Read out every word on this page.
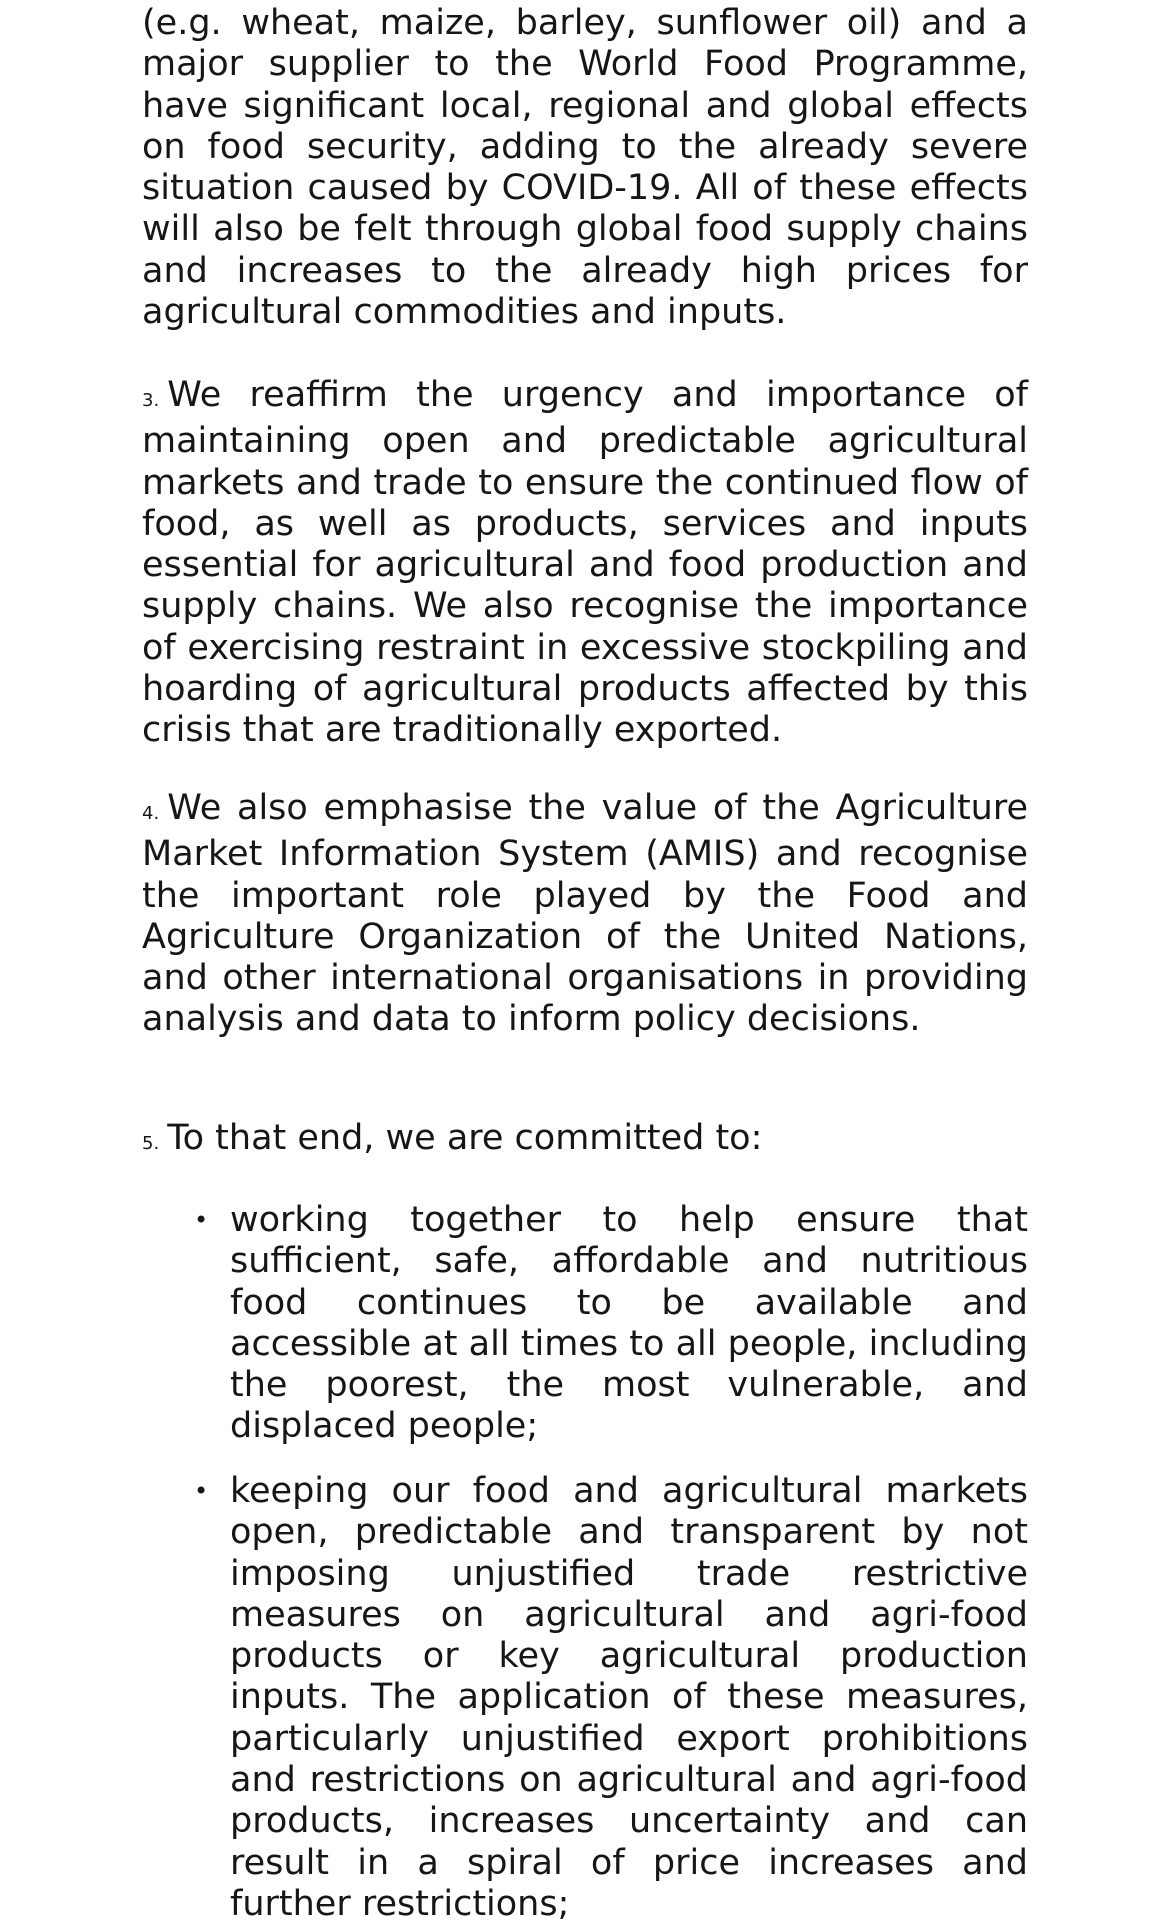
(e.g. wheat, maize, barley, sunflower oil) and a major supplier to the World Food Programme, have significant local, regional and global effects on food security, adding to the already severe situation caused by COVID-19. All of these effects will also be felt through global food supply chains and increases to the already high prices for agricultural commodities and inputs.

3. We reaffirm the urgency and importance of maintaining open and predictable agricultural markets and trade to ensure the continued flow of food, as well as products, services and inputs essential for agricultural and food production and supply chains. We also recognise the importance of exercising restraint in excessive stockpiling and hoarding of agricultural products affected by this crisis that are traditionally exported.

4. We also emphasise the value of the Agriculture Market Information System (AMIS) and recognise the important role played by the Food and Agriculture Organization of the United Nations, and other international organisations in providing analysis and data to inform policy decisions.

5. To that end, we are committed to:

• working together to help ensure that sufficient, safe, affordable and nutritious food continues to be available and accessible at all times to all people, including the poorest, the most vulnerable, and displaced people;

• keeping our food and agricultural markets open, predictable and transparent by not imposing unjustified trade restrictive measures on agricultural and agri-food products or key agricultural production inputs. The application of these measures, particularly unjustified export prohibitions and restrictions on agricultural and agri-food products, increases uncertainty and can result in a spiral of price increases and further restrictions;
